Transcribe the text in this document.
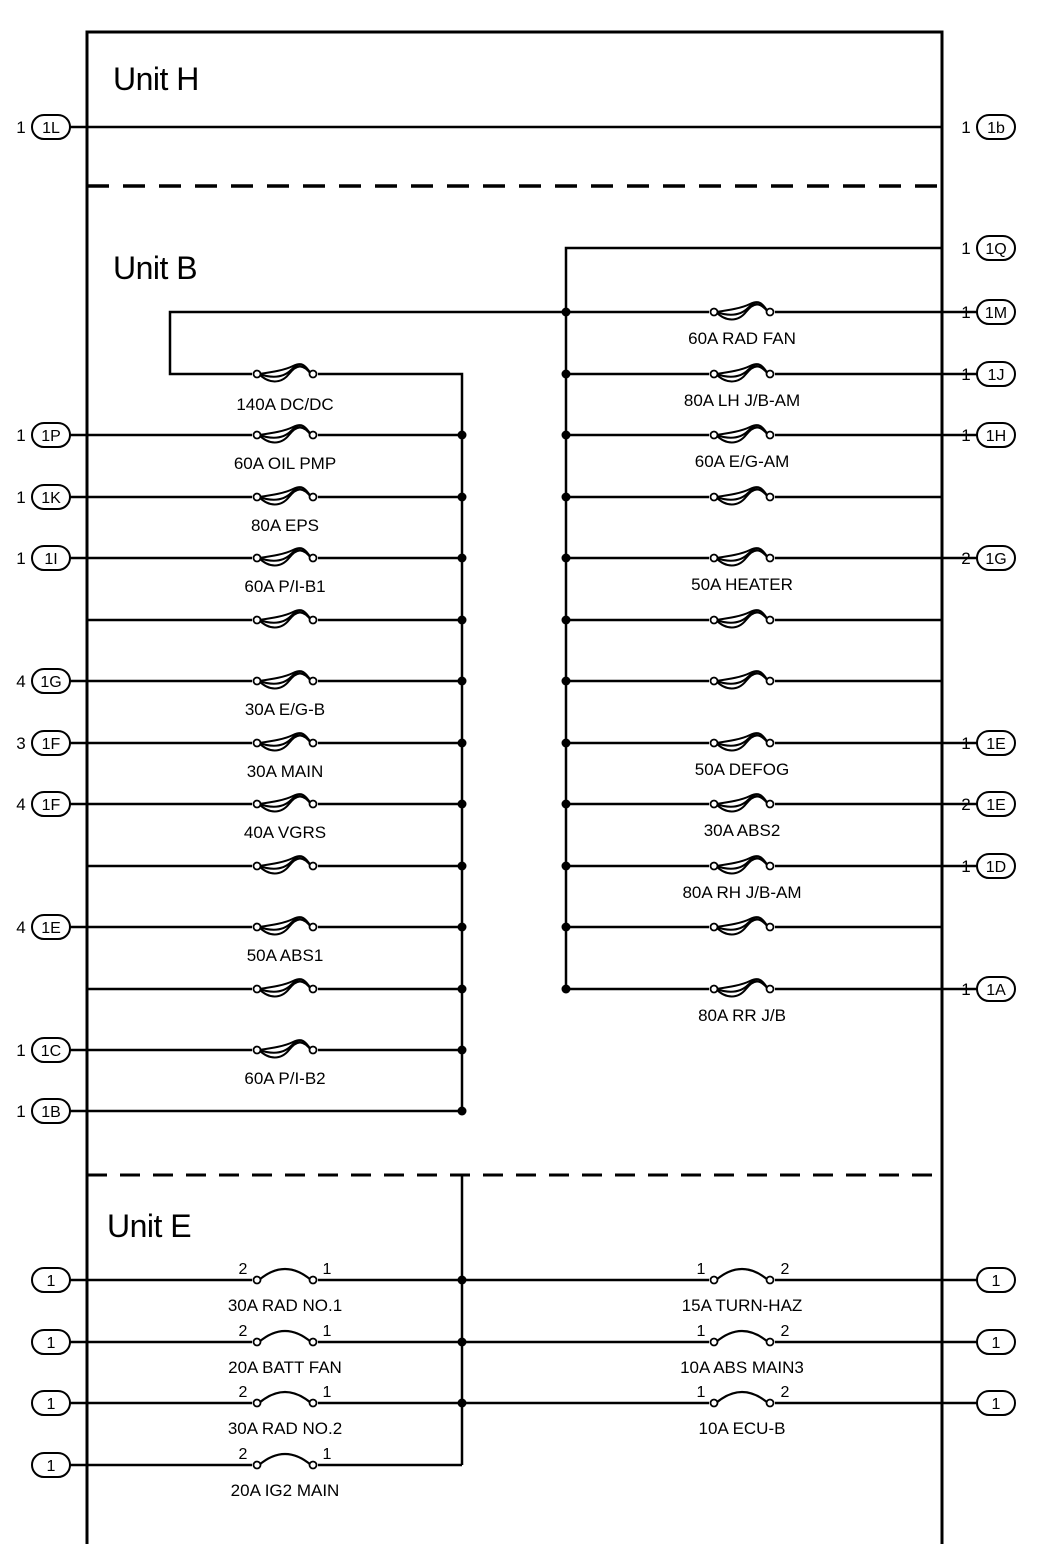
Unit H
Unit B
Unit E
1 1L	1 1b
140A DC/DC
60A OIL PMP
1 1P
80A EPS
1 1K
60A P/I-B1
1 1I
30A E/G-B
4 1G
30A MAIN
3 1F
40A VGRS
4 1F
50A ABS1
4 1E
60A P/I-B2
1 1C
1 1B
1 1Q
60A RAD FAN
1 1M
80A LH J/B-AM
1 1J
60A E/G-AM
1 1H
50A HEATER
2 1G
50A DEFOG
1 1E
30A ABS2
2 1E
80A RH J/B-AM
1 1D
80A RR J/B
1 1A
2	1
30A RAD NO.1
1
2	1
20A BATT FAN
1
2	1
30A RAD NO.2
1
2	1
20A IG2 MAIN
1
1	2
15A TURN-HAZ
1
1	2
10A ABS MAIN3
1
1	2
10A ECU-B
1
